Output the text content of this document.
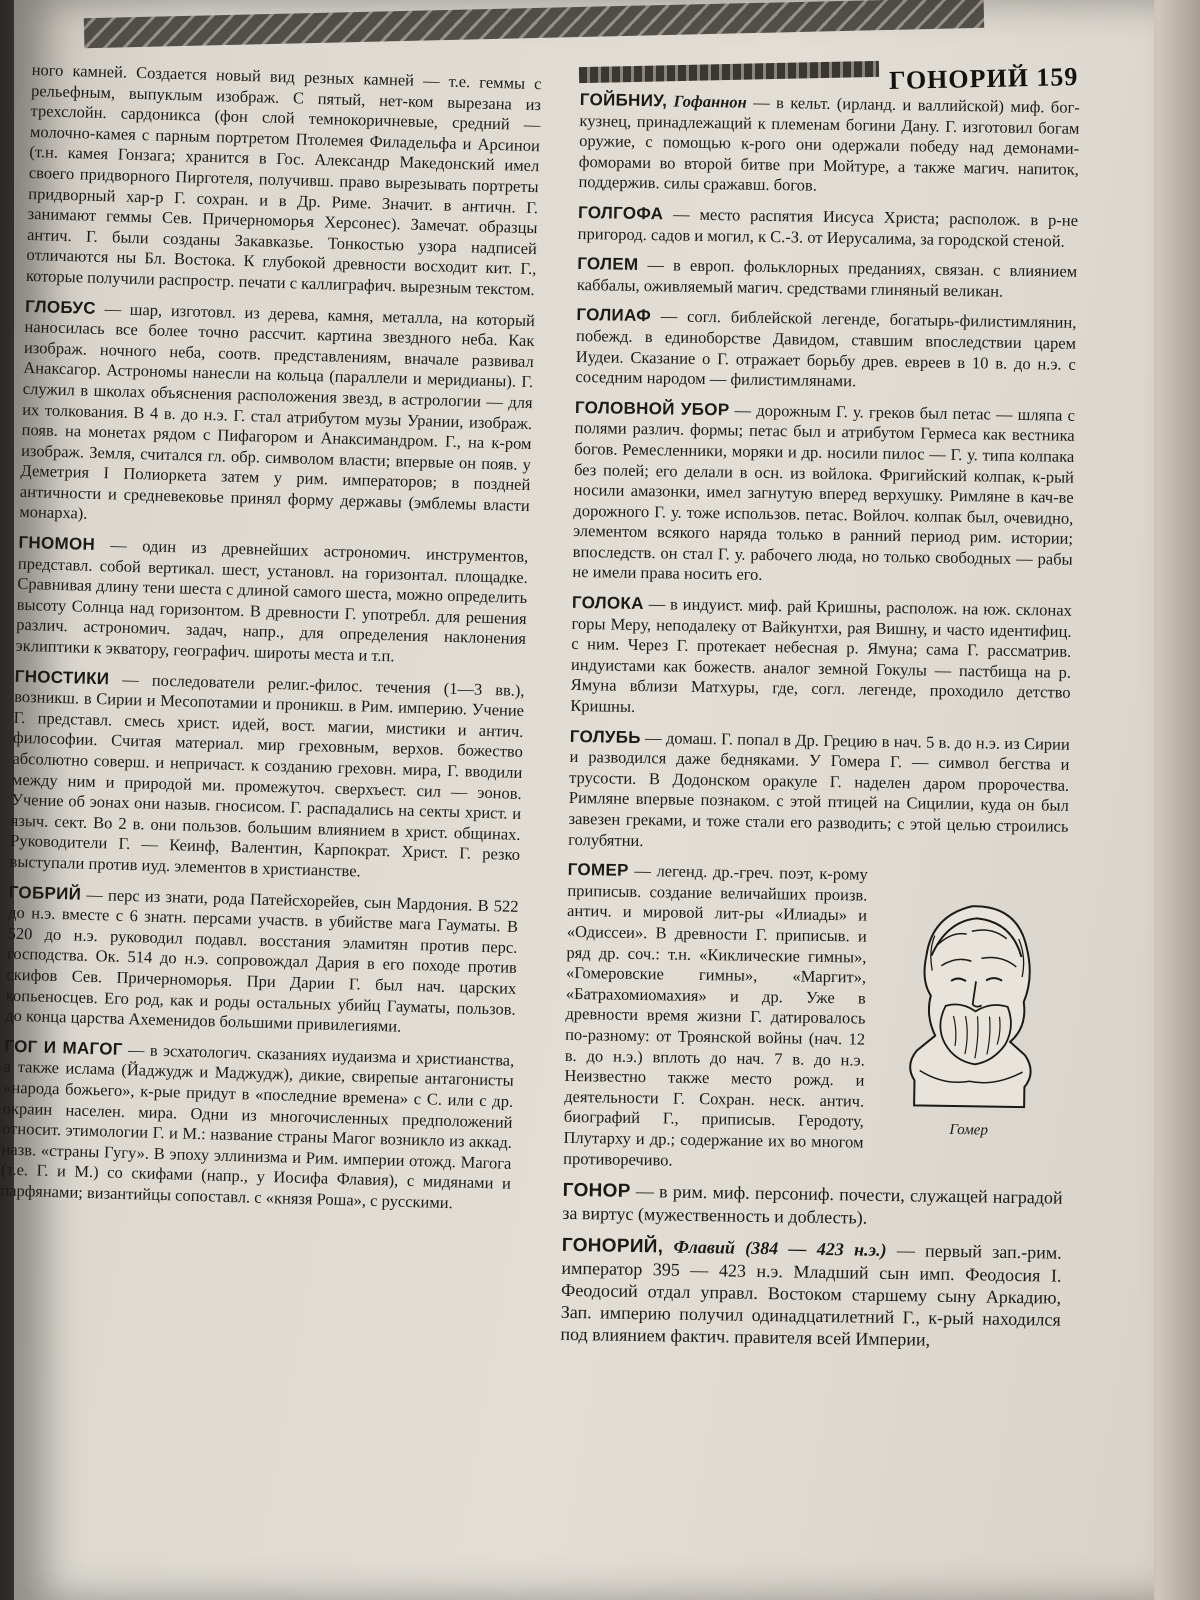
ГОНОРИЙ 159

ного камней. Создается новый вид резных камней — т.е. геммы с рельефным, выпуклым изображ. С пятый, нет-ком вырезана из трехслойн. сардоникса (фон слой темнокоричневые, средний — молочно-камея с парным портретом Птолемея Филадельфа и Арсинои (т.н. камея Гонзага; хранится в Гос. Александр Македонский имел своего придворного Пирготеля, получивш. право вырезывать портреты придворный хар-р Г. сохран. и в Др. Риме. Значит. в античн. Г. занимают геммы Сев. Причерноморья Херсонес). Замечат. образцы антич. Г. были созданы Закавказье. Тонкостью узора надписей отличаются ны Бл. Востока. К глубокой древности восходит кит. Г., которые получили распростр. печати с каллиграфич. вырезным текстом.

ГЛОБУС — шар, изготовл. из дерева, камня, металла, на который наносилась все более точно рассчит. картина звездного неба. Как изображ. ночного неба, соотв. представлениям, вначале развивал Анаксагор. Астрономы нанесли на кольца (параллели и меридианы). Г. служил в школах объяснения расположения звезд, в астрологии — для их толкования. В 4 в. до н.э. Г. стал атрибутом музы Урании, изображ. появ. на монетах рядом с Пифагором и Анаксимандром. Г., на к-ром изображ. Земля, считался гл. обр. символом власти; впервые он появ. у Деметрия I Полиоркета затем у рим. императоров; в поздней античности и средневековье принял форму державы (эмблемы власти монарха).

ГНОМОН — один из древнейших астрономич. инструментов, представл. собой вертикал. шест, установл. на горизонтал. площадке. Сравнивая длину тени шеста с длиной самого шеста, можно определить высоту Солнца над горизонтом. В древности Г. употребл. для решения различ. астрономич. задач, напр., для определения наклонения эклиптики к экватору, географич. широты места и т.п.

ГНОСТИКИ — последователи религ.-филос. течения (1—3 вв.), возникш. в Сирии и Месопотамии и проникш. в Рим. империю. Учение Г. представл. смесь христ. идей, вост. магии, мистики и антич. философии. Считая материал. мир греховным, верхов. божество абсолютно соверш. и непричаст. к созданию греховн. мира, Г. вводили между ним и природой ми. промежуточ. сверхъест. сил — эонов. Учение об эонах они назыв. гносисом. Г. распадались на секты христ. и языч. сект. Во 2 в. они пользов. большим влиянием в христ. общинах. Руководители Г. — Кеинф, Валентин, Карпократ. Христ. Г. резко выступали против иуд. элементов в христианстве.

ГОБРИЙ — перс из знати, рода Патейсхорейев, сын Мардония. В 522 до н.э. вместе с 6 знатн. персами участв. в убийстве мага Гауматы. В 520 до н.э. руководил подавл. восстания эламитян против перс. господства. Ок. 514 до н.э. сопровождал Дария в его походе против скифов Сев. Причерноморья. При Дарии Г. был нач. царских копьеносцев. Его род, как и роды остальных убийц Гауматы, пользов. до конца царства Ахеменидов большими привилегиями.

ГОГ И МАГОГ — в эсхатологич. сказаниях иудаизма и христианства, а также ислама (Йаджудж и Маджудж), дикие, свирепые антагонисты «народа божьего», к-рые придут в «последние времена» с С. или с др. окраин населен. мира. Одни из многочисленных предположений относит. этимологии Г. и М.: название страны Магог возникло из аккад. назв. «страны Гугу». В эпоху эллинизма и Рим. империи отожд. Магога (т.е. Г. и М.) со скифами (напр., у Иосифа Флавия), с мидянами и парфянами; византийцы сопоставл. с «князя Роша», с русскими.

ГОЙБНИУ, Гофаннон — в кельт. (ирланд. и валлийской) миф. бог-кузнец, принадлежащий к племенам богини Дану. Г. изготовил богам оружие, с помощью к-рого они одержали победу над демонами-фоморами во второй битве при Мойтуре, а также магич. напиток, поддержив. силы сражавш. богов.

ГОЛГОФА — место распятия Иисуса Христа; располож. в р-не пригород. садов и могил, к С.-З. от Иерусалима, за городской стеной.

ГОЛЕМ — в европ. фольклорных преданиях, связан. с влиянием каббалы, оживляемый магич. средствами глиняный великан.

ГОЛИАФ — согл. библейской легенде, богатырь-филистимлянин, побежд. в единоборстве Давидом, ставшим впоследствии царем Иудеи. Сказание о Г. отражает борьбу древ. евреев в 10 в. до н.э. с соседним народом — филистимлянами.

ГОЛОВНОЙ УБОР — дорожным Г. у. греков был петас — шляпа с полями различ. формы; петас был и атрибутом Гермеса как вестника богов. Ремесленники, моряки и др. носили пилос — Г. у. типа колпака без полей; его делали в осн. из войлока. Фригийский колпак, к-рый носили амазонки, имел загнутую вперед верхушку. Римляне в кач-ве дорожного Г. у. тоже использов. петас. Войлоч. колпак был, очевидно, элементом всякого наряда только в ранний период рим. истории; впоследств. он стал Г. у. рабочего люда, но только свободных — рабы не имели права носить его.

ГОЛОКА — в индуист. миф. рай Кришны, располож. на юж. склонах горы Меру, неподалеку от Вайкунтхи, рая Вишну, и часто идентифиц. с ним. Через Г. протекает небесная р. Ямуна; сама Г. рассматрив. индуистами как божеств. аналог земной Гокулы — пастбища на р. Ямуна вблизи Матхуры, где, согл. легенде, проходило детство Кришны.

ГОЛУБЬ — домаш. Г. попал в Др. Грецию в нач. 5 в. до н.э. из Сирии и разводился даже бедняками. У Гомера Г. — символ бегства и трусости. В Додонском оракуле Г. наделен даром пророчества. Римляне впервые познаком. с этой птицей на Сицилии, куда он был завезен греками, и тоже стали его разводить; с этой целью строились голубятни.

Гомер

ГОМЕР — легенд. др.-греч. поэт, к-рому приписыв. создание величайших произв. антич. и мировой лит-ры «Илиады» и «Одиссеи». В древности Г. приписыв. и ряд др. соч.: т.н. «Киклические гимны», «Гомеровские гимны», «Маргит», «Батрахомиомахия» и др. Уже в древности время жизни Г. датировалось по-разному: от Троянской войны (нач. 12 в. до н.э.) вплоть до нач. 7 в. до н.э. Неизвестно также место рожд. и деятельности Г. Сохран. неск. антич. биографий Г., приписыв. Геродоту, Плутарху и др.; содержание их во многом противоречиво.

ГОНОР — в рим. миф. персониф. почести, служащей наградой за виртус (мужественность и доблесть).

ГОНОРИЙ, Флавий (384 — 423 н.э.) — первый зап.-рим. император 395 — 423 н.э. Младший сын имп. Феодосия I. Феодосий отдал управл. Востоком старшему сыну Аркадию, Зап. империю получил одинадцатилетний Г., к-рый находился под влиянием фактич. правителя всей Империи,
